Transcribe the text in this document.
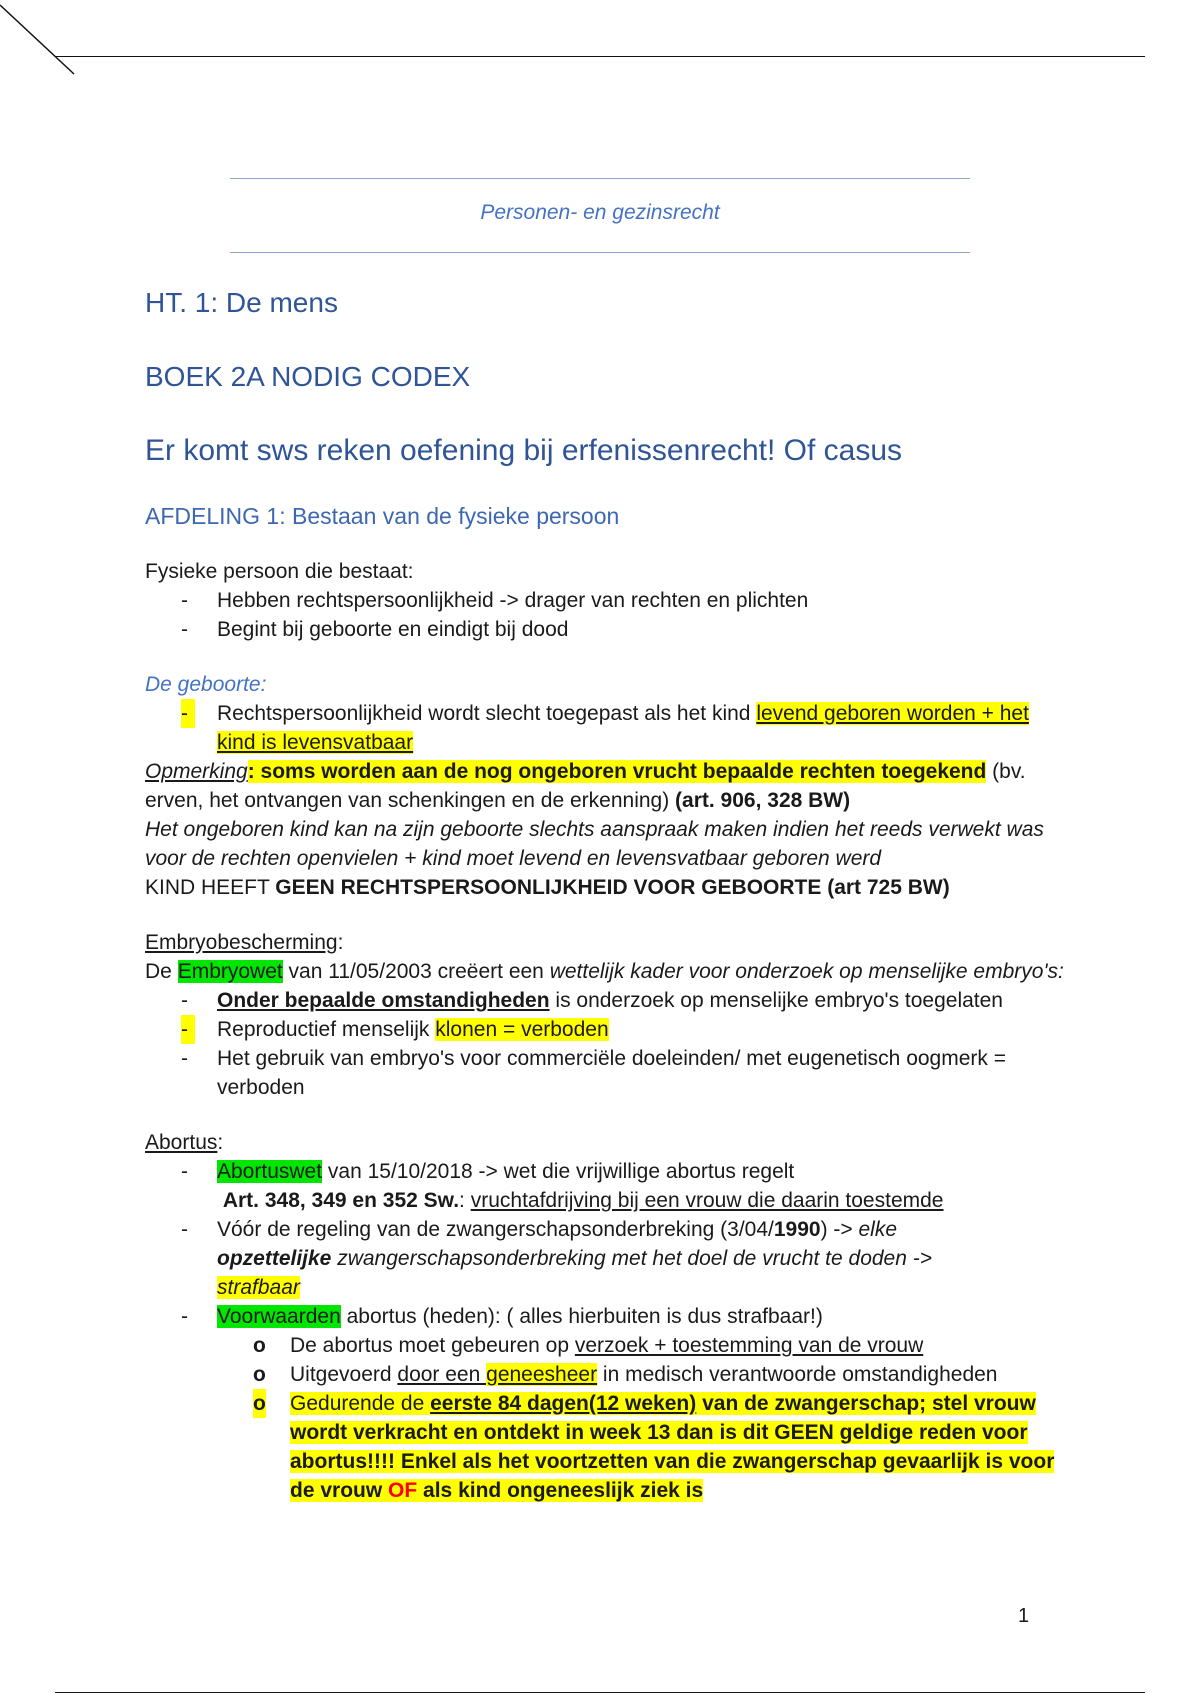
Personen- en gezinsrecht
HT. 1: De mens
BOEK 2A NODIG CODEX
Er komt sws reken oefening bij erfenissenrecht! Of casus
AFDELING 1: Bestaan van de fysieke persoon

Fysieke persoon die bestaat:

-	Hebben rechtspersoonlijkheid -> drager van rechten en plichten
-	Begint bij geboorte en eindigt bij dood

De geboorte:

-	Rechtspersoonlijkheid wordt slecht toegepast als het kind levend geboren worden + het kind is levensvatbaar

Opmerking: soms worden aan de nog ongeboren vrucht bepaalde rechten toegekend (bv. erven, het ontvangen van schenkingen en de erkenning) (art. 906, 328 BW)

Het ongeboren kind kan na zijn geboorte slechts aanspraak maken indien het reeds verwekt was voor de rechten openvielen + kind moet levend en levensvatbaar geboren werd

KIND HEEFT GEEN RECHTSPERSOONLIJKHEID VOOR GEBOORTE (art 725 BW)

Embryobescherming:

De Embryowet van 11/05/2003 creëert een wettelijk kader voor onderzoek op menselijke embryo's:

-	Onder bepaalde omstandigheden is onderzoek op menselijke embryo's toegelaten
-	Reproductief menselijk klonen = verboden
-	Het gebruik van embryo's voor commerciële doeleinden/ met eugenetisch oogmerk = verboden

Abortus:

-	Abortuswet van 15/10/2018 -> wet die vrijwillige abortus regelt
Art. 348, 349 en 352 Sw.: vruchtafdrijving bij een vrouw die daarin toestemde
-	Vóór de regeling van de zwangerschapsonderbreking (3/04/1990) -> elke
opzettelijke zwangerschapsonderbreking met het doel de vrucht te doden ->
strafbaar
-	Voorwaarden abortus (heden): ( alles hierbuiten is dus strafbaar!)
o De abortus moet gebeuren op verzoek + toestemming van de vrouw
o Uitgevoerd door een geneesheer in medisch verantwoorde omstandigheden
o Gedurende de eerste 84 dagen(12 weken) van de zwangerschap; stel vrouw wordt verkracht en ontdekt in week 13 dan is dit GEEN geldige reden voor abortus!!!! Enkel als het voortzetten van die zwangerschap gevaarlijk is voor de vrouw OF als kind ongeneeslijk ziek is
1
